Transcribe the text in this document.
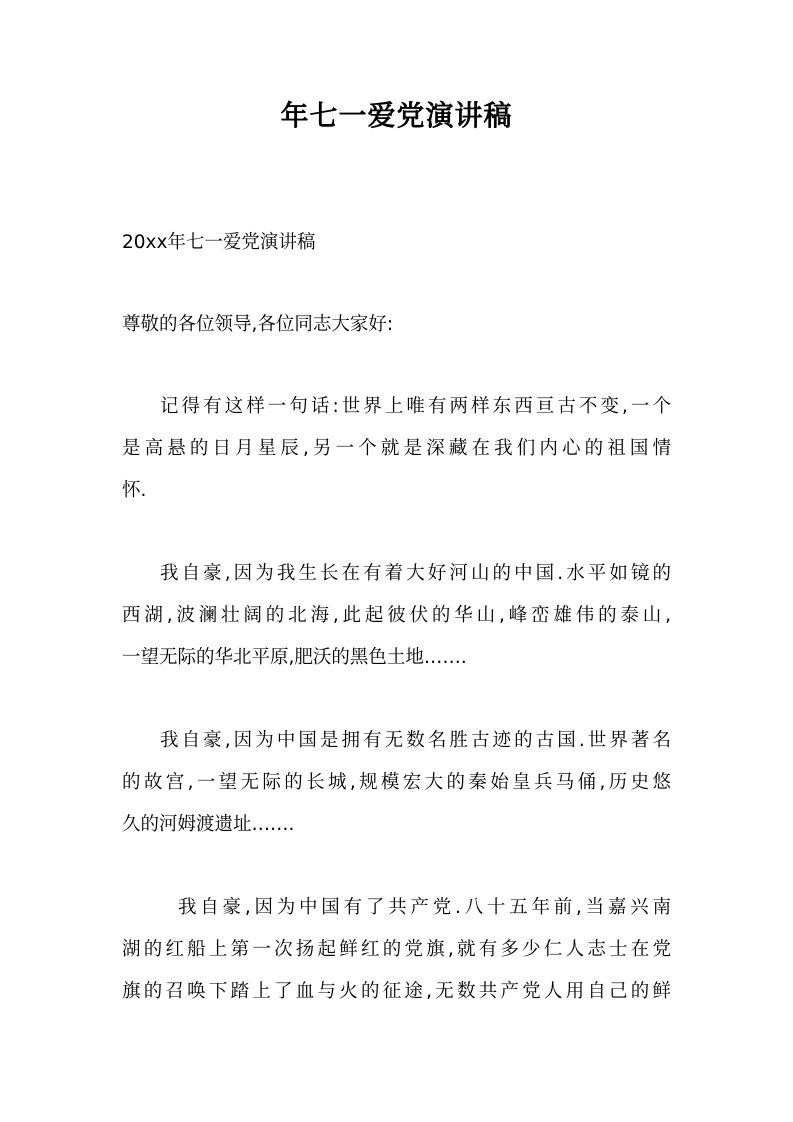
年七一爱党演讲稿
20xx年七一爱党演讲稿
尊敬的各位领导,各位同志大家好:
记得有这样一句话:世界上唯有两样东西亘古不变,一个
是高悬的日月星辰,另一个就是深藏在我们内心的祖国情
怀.
我自豪,因为我生长在有着大好河山的中国.水平如镜的
西湖,波澜壮阔的北海,此起彼伏的华山,峰峦雄伟的泰山,
一望无际的华北平原,肥沃的黑色土地…….
我自豪,因为中国是拥有无数名胜古迹的古国.世界著名
的故宫,一望无际的长城,规模宏大的秦始皇兵马俑,历史悠
久的河姆渡遗址…….
我自豪,因为中国有了共产党.八十五年前,当嘉兴南
湖的红船上第一次扬起鲜红的党旗,就有多少仁人志士在党
旗的召唤下踏上了血与火的征途,无数共产党人用自己的鲜
